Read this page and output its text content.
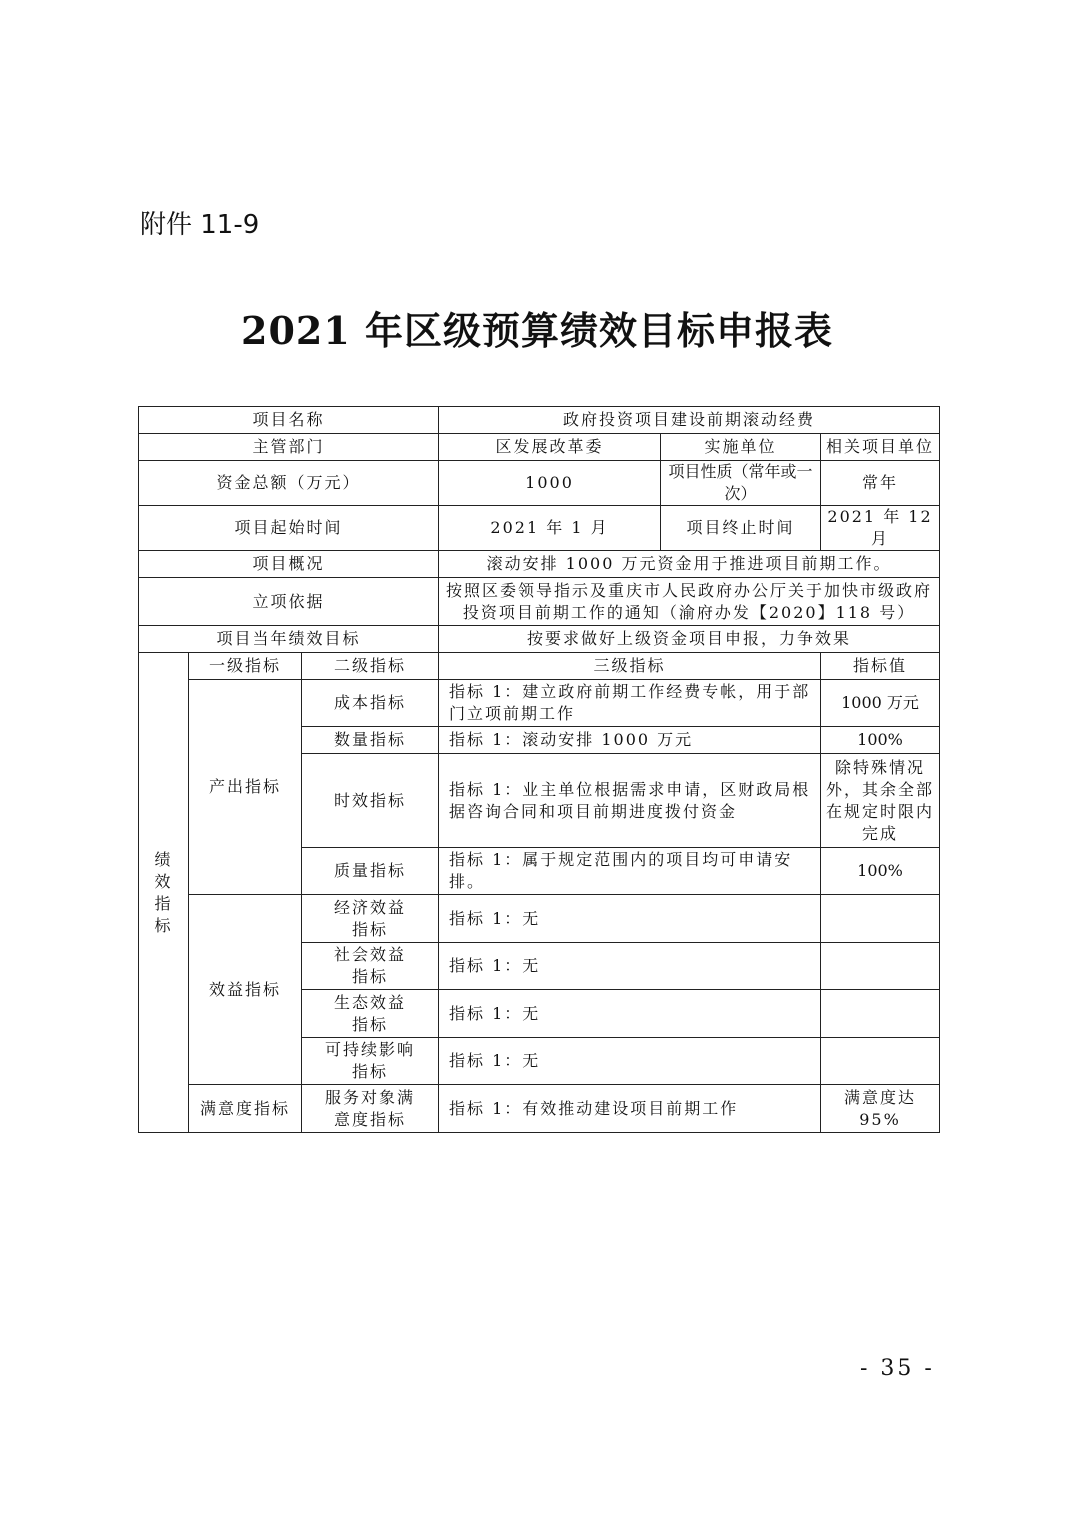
附件 11-9
2021 年区级预算绩效目标申报表
项目名称			政府投资项目建设前期滚动经费		
主管部门			区发展改革委	实施单位	相关项目单位
资金总额（万元）			1000	项目性质（常年或一次）	常年
项目起始时间			2021 年 1 月	项目终止时间	2021 年 12 月
项目概况			滚动安排 1000 万元资金用于推进项目前期工作。		
立项依据			按照区委领导指示及重庆市人民政府办公厅关于加快市级政府投资项目前期工作的通知（渝府办发【2020】118 号）		
项目当年绩效目标			按要求做好上级资金项目申报，力争效果		
绩效指标	一级指标	二级指标	三级指标		指标值
	产出指标	成本指标	指标 1：建立政府前期工作经费专帐，用于部门立项前期工作		1000 万元
		数量指标	指标 1：滚动安排 1000 万元		100%
		时效指标	指标 1：业主单位根据需求申请，区财政局根据咨询合同和项目前期进度拨付资金		除特殊情况外，其余全部在规定时限内完成
		质量指标	指标 1：属于规定范围内的项目均可申请安排。		100%
	效益指标	经济效益指标	指标 1：无		
		社会效益指标	指标 1：无		
		生态效益指标	指标 1：无		
		可持续影响指标	指标 1：无		
	满意度指标	服务对象满意度指标	指标 1：有效推动建设项目前期工作		满意度达 95%
- 35 -
